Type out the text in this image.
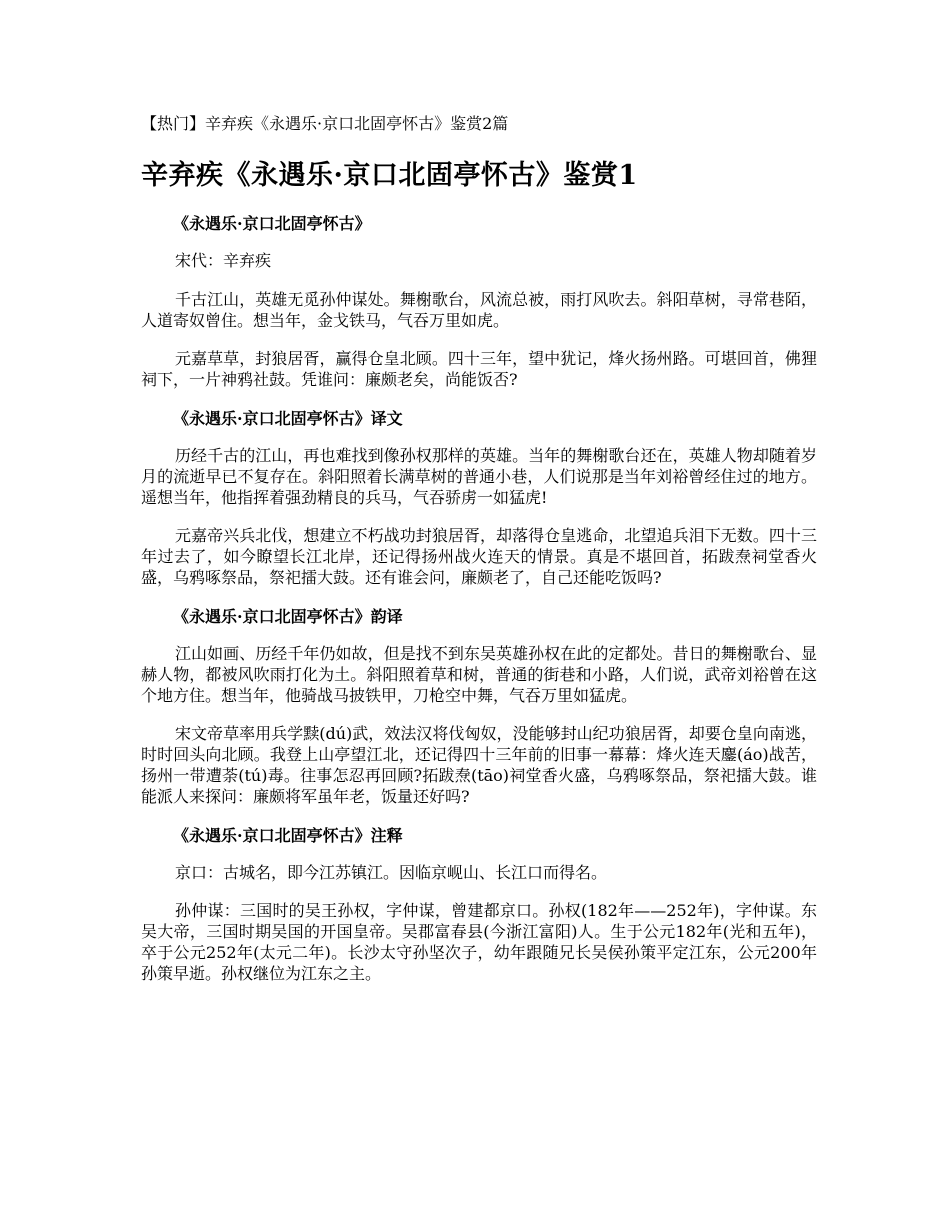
【热门】辛弃疾《永遇乐·京口北固亭怀古》鉴赏2篇
辛弃疾《永遇乐·京口北固亭怀古》鉴赏1
《永遇乐·京口北固亭怀古》
宋代：辛弃疾
千古江山，英雄无觅孙仲谋处。舞榭歌台，风流总被，雨打风吹去。斜阳草树，寻常巷陌，人道寄奴曾住。想当年，金戈铁马，气吞万里如虎。
元嘉草草，封狼居胥，赢得仓皇北顾。四十三年，望中犹记，烽火扬州路。可堪回首，佛狸祠下，一片神鸦社鼓。凭谁问：廉颇老矣，尚能饭否?
《永遇乐·京口北固亭怀古》译文
历经千古的江山，再也难找到像孙权那样的英雄。当年的舞榭歌台还在，英雄人物却随着岁月的流逝早已不复存在。斜阳照着长满草树的普通小巷，人们说那是当年刘裕曾经住过的地方。遥想当年，他指挥着强劲精良的兵马，气吞骄虏一如猛虎!
元嘉帝兴兵北伐，想建立不朽战功封狼居胥，却落得仓皇逃命，北望追兵泪下无数。四十三年过去了，如今瞭望长江北岸，还记得扬州战火连天的情景。真是不堪回首，拓跋焘祠堂香火盛，乌鸦啄祭品，祭祀擂大鼓。还有谁会问，廉颇老了，自己还能吃饭吗?
《永遇乐·京口北固亭怀古》韵译
江山如画、历经千年仍如故，但是找不到东吴英雄孙权在此的定都处。昔日的舞榭歌台、显赫人物，都被风吹雨打化为土。斜阳照着草和树，普通的街巷和小路，人们说，武帝刘裕曾在这个地方住。想当年，他骑战马披铁甲，刀枪空中舞，气吞万里如猛虎。
宋文帝草率用兵学黩(dú)武，效法汉将伐匈奴，没能够封山纪功狼居胥，却要仓皇向南逃，时时回头向北顾。我登上山亭望江北，还记得四十三年前的旧事一幕幕：烽火连天鏖(áo)战苦，扬州一带遭荼(tú)毒。往事怎忍再回顾?拓跋焘(tāo)祠堂香火盛，乌鸦啄祭品，祭祀擂大鼓。谁能派人来探问：廉颇将军虽年老，饭量还好吗?
《永遇乐·京口北固亭怀古》注释
京口：古城名，即今江苏镇江。因临京岘山、长江口而得名。
孙仲谋：三国时的吴王孙权，字仲谋，曾建都京口。孙权(182年——252年)，字仲谋。东吴大帝，三国时期吴国的开国皇帝。吴郡富春县(今浙江富阳)人。生于公元182年(光和五年)，卒于公元252年(太元二年)。长沙太守孙坚次子，幼年跟随兄长吴侯孙策平定江东，公元200年孙策早逝。孙权继位为江东之主。
